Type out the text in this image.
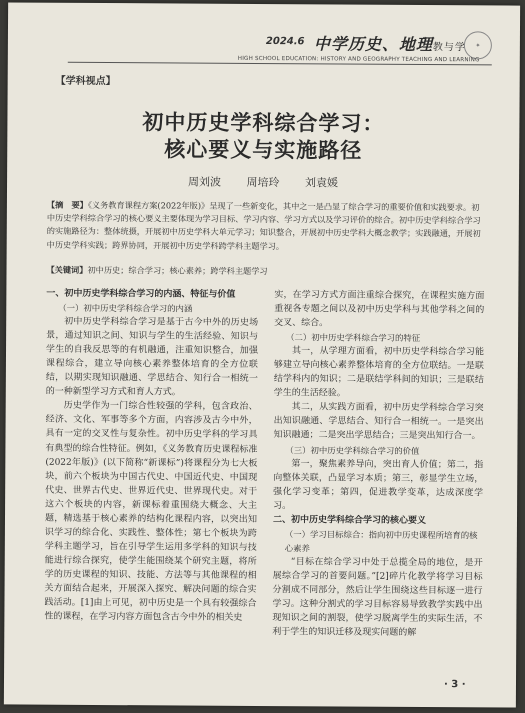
2024.6 中学历史、地理教与学	✦
HIGH SCHOOL EDUCATION: HISTORY AND GEOGRAPHY TEACHING AND LEARNING
【学科视点】
初中历史学科综合学习：
核心要义与实施路径
周刘波 周培玲 刘袁媛
【摘　要】《义务教育课程方案(2022年版)》呈现了一些新变化，其中之一是凸显了综合学习的重要价值和实践要求。初中历史学科综合学习的核心要义主要体现为学习目标、学习内容、学习方式以及学习评价的综合。初中历史学科综合学习的实施路径为：整体统摄，开展初中历史学科大单元学习；知识整合，开展初中历史学科大概念教学；实践融通，开展初中历史学科实践；跨界协同，开展初中历史学科跨学科主题学习。
【关键词】初中历史；综合学习；核心素养；跨学科主题学习
一、初中历史学科综合学习的内涵、特征与价值
（一）初中历史学科综合学习的内涵

初中历史学科综合学习是基于古今中外的历史场景，通过知识之间、知识与学生的生活经验、知识与学生的自我反思等的有机融通，注重知识整合，加强课程综合，建立导向核心素养整体培育的全方位联结，以期实现知识融通、学思结合、知行合一相统一的一种新型学习方式和育人方式。

历史学作为一门综合性较强的学科，包含政治、经济、文化、军事等多个方面，内容涉及古今中外，具有一定的交叉性与复杂性。初中历史学科的学习具有典型的综合性特征。例如，《义务教育历史课程标准(2022年版)》(以下简称“新课标”)将课程分为七大板块，前六个板块为中国古代史、中国近代史、中国现代史、世界古代史、世界近代史、世界现代史。对于这六个板块的内容，新课标着重围绕大概念、大主题，精选基于核心素养的结构化课程内容，以突出知识学习的综合化、实践性、整体性；第七个板块为跨学科主题学习，旨在引导学生运用多学科的知识与技能进行综合探究，使学生能围绕某个研究主题，将所学的历史课程的知识、技能、方法等与其他课程的相关方面结合起来，开展深入探究、解决问题的综合实践活动。[1]由上可见，初中历史是一个具有较强综合性的课程，在学习内容方面包含古今中外的相关史

实，在学习方式方面注重综合探究，在课程实施方面重视各专题之间以及初中历史学科与其他学科之间的交叉、综合。

（二）初中历史学科综合学习的特征

其一，从学理方面看，初中历史学科综合学习能够建立导向核心素养整体培育的全方位联结。一是联结学科内的知识；二是联结学科间的知识；三是联结学生的生活经验。

其二，从实践方面看，初中历史学科综合学习突出知识融通、学思结合、知行合一相统一。一是突出知识融通；二是突出学思结合；三是突出知行合一。

（三）初中历史学科综合学习的价值

第一，聚焦素养导向，突出育人价值；第二，指向整体关联，凸显学习本质；第三，彰显学生立场，强化学习变革；第四，促进教学变革，达成深度学习。

二、初中历史学科综合学习的核心要义
（一）学习目标综合：指向初中历史课程所培育的核心素养

“目标在综合学习中处于总揽全局的地位，是开展综合学习的首要问题。”[2]碎片化教学将学习目标分割成不同部分，然后让学生围绕这些目标逐一进行学习。这种分割式的学习目标容易导致教学实践中出现知识之间的割裂，使学习脱离学生的实际生活，不利于学生的知识迁移及现实问题的解

· 3 ·
